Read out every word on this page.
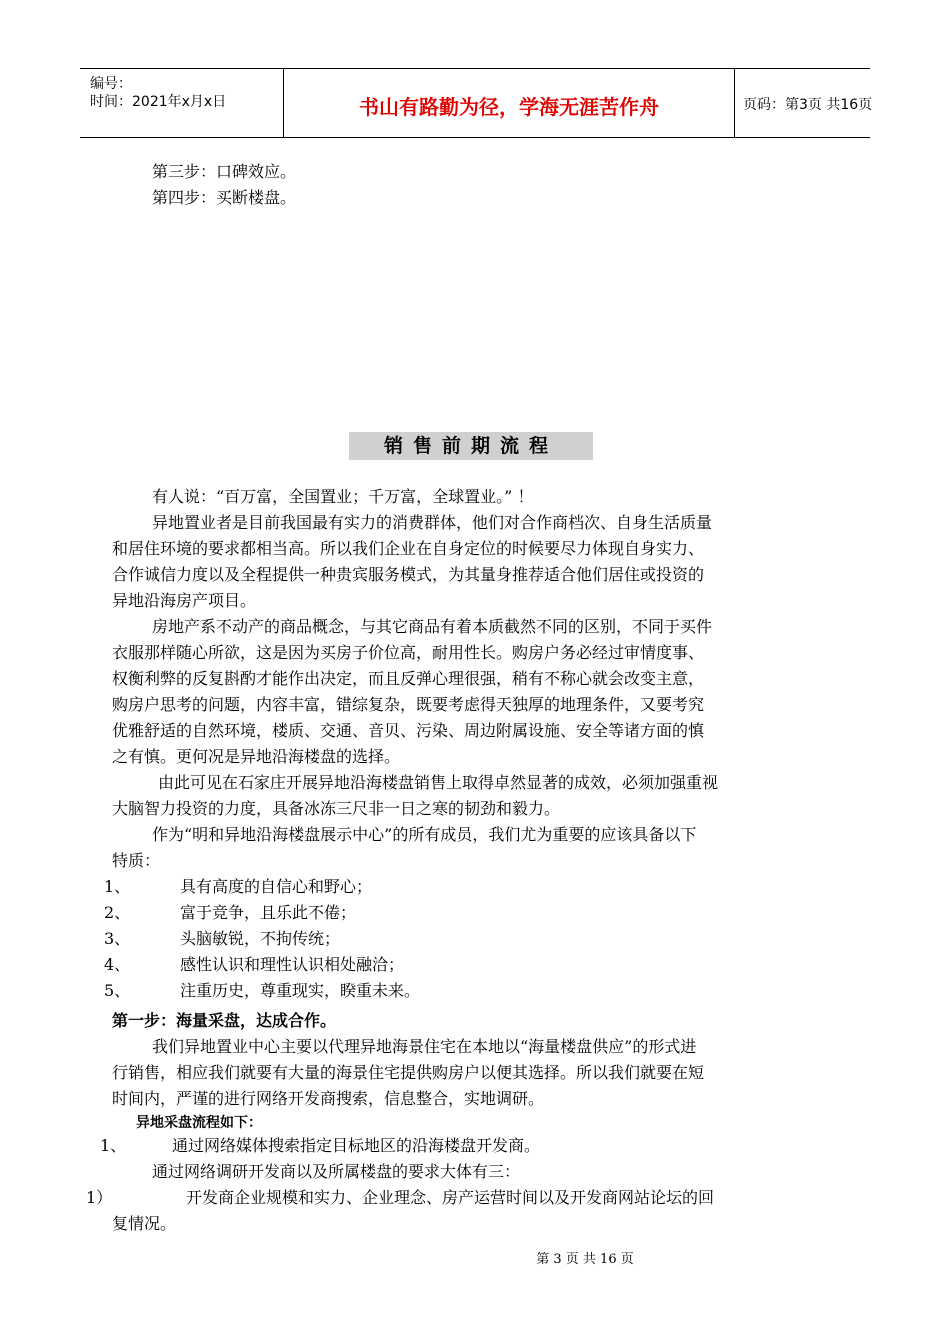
编号：
时间：2021年x月x日	书山有路勤为径，学海无涯苦作舟	页码：第3页 共16页
第三步：口碑效应。
第四步：买断楼盘。
销售前期流程
有人说：“百万富，全国置业；千万富，全球置业。” ！
异地置业者是目前我国最有实力的消费群体，他们对合作商档次、自身生活质量
和居住环境的要求都相当高。所以我们企业在自身定位的时候要尽力体现自身实力、
合作诚信力度以及全程提供一种贵宾服务模式，为其量身推荐适合他们居住或投资的
异地沿海房产项目。
房地产系不动产的商品概念，与其它商品有着本质截然不同的区别，不同于买件
衣服那样随心所欲，这是因为买房子价位高，耐用性长。购房户务必经过审情度事、
权衡利弊的反复斟酌才能作出决定，而且反弹心理很强，稍有不称心就会改变主意，
购房户思考的问题，内容丰富，错综复杂，既要考虑得天独厚的地理条件，又要考究
优雅舒适的自然环境，楼质、交通、音贝、污染、周边附属设施、安全等诸方面的慎
之有慎。更何况是异地沿海楼盘的选择。
由此可见在石家庄开展异地沿海楼盘销售上取得卓然显著的成效，必须加强重视
大脑智力投资的力度，具备冰冻三尺非一日之寒的韧劲和毅力。
作为“明和异地沿海楼盘展示中心”的所有成员，我们尤为重要的应该具备以下
特质：
1、	具有高度的自信心和野心；
2、	富于竞争，且乐此不倦；
3、	头脑敏锐，不拘传统；
4、	感性认识和理性认识相处融洽；
5、	注重历史，尊重现实，睽重未来。
第一步：海量采盘，达成合作。
我们异地置业中心主要以代理异地海景住宅在本地以“海量楼盘供应”的形式进
行销售，相应我们就要有大量的海景住宅提供购房户以便其选择。所以我们就要在短
时间内，严谨的进行网络开发商搜索，信息整合，实地调研。
异地采盘流程如下：
1、	通过网络媒体搜索指定目标地区的沿海楼盘开发商。
通过网络调研开发商以及所属楼盘的要求大体有三：
1）	开发商企业规模和实力、企业理念、房产运营时间以及开发商网站论坛的回
复情况。
第 3 页 共 16 页
